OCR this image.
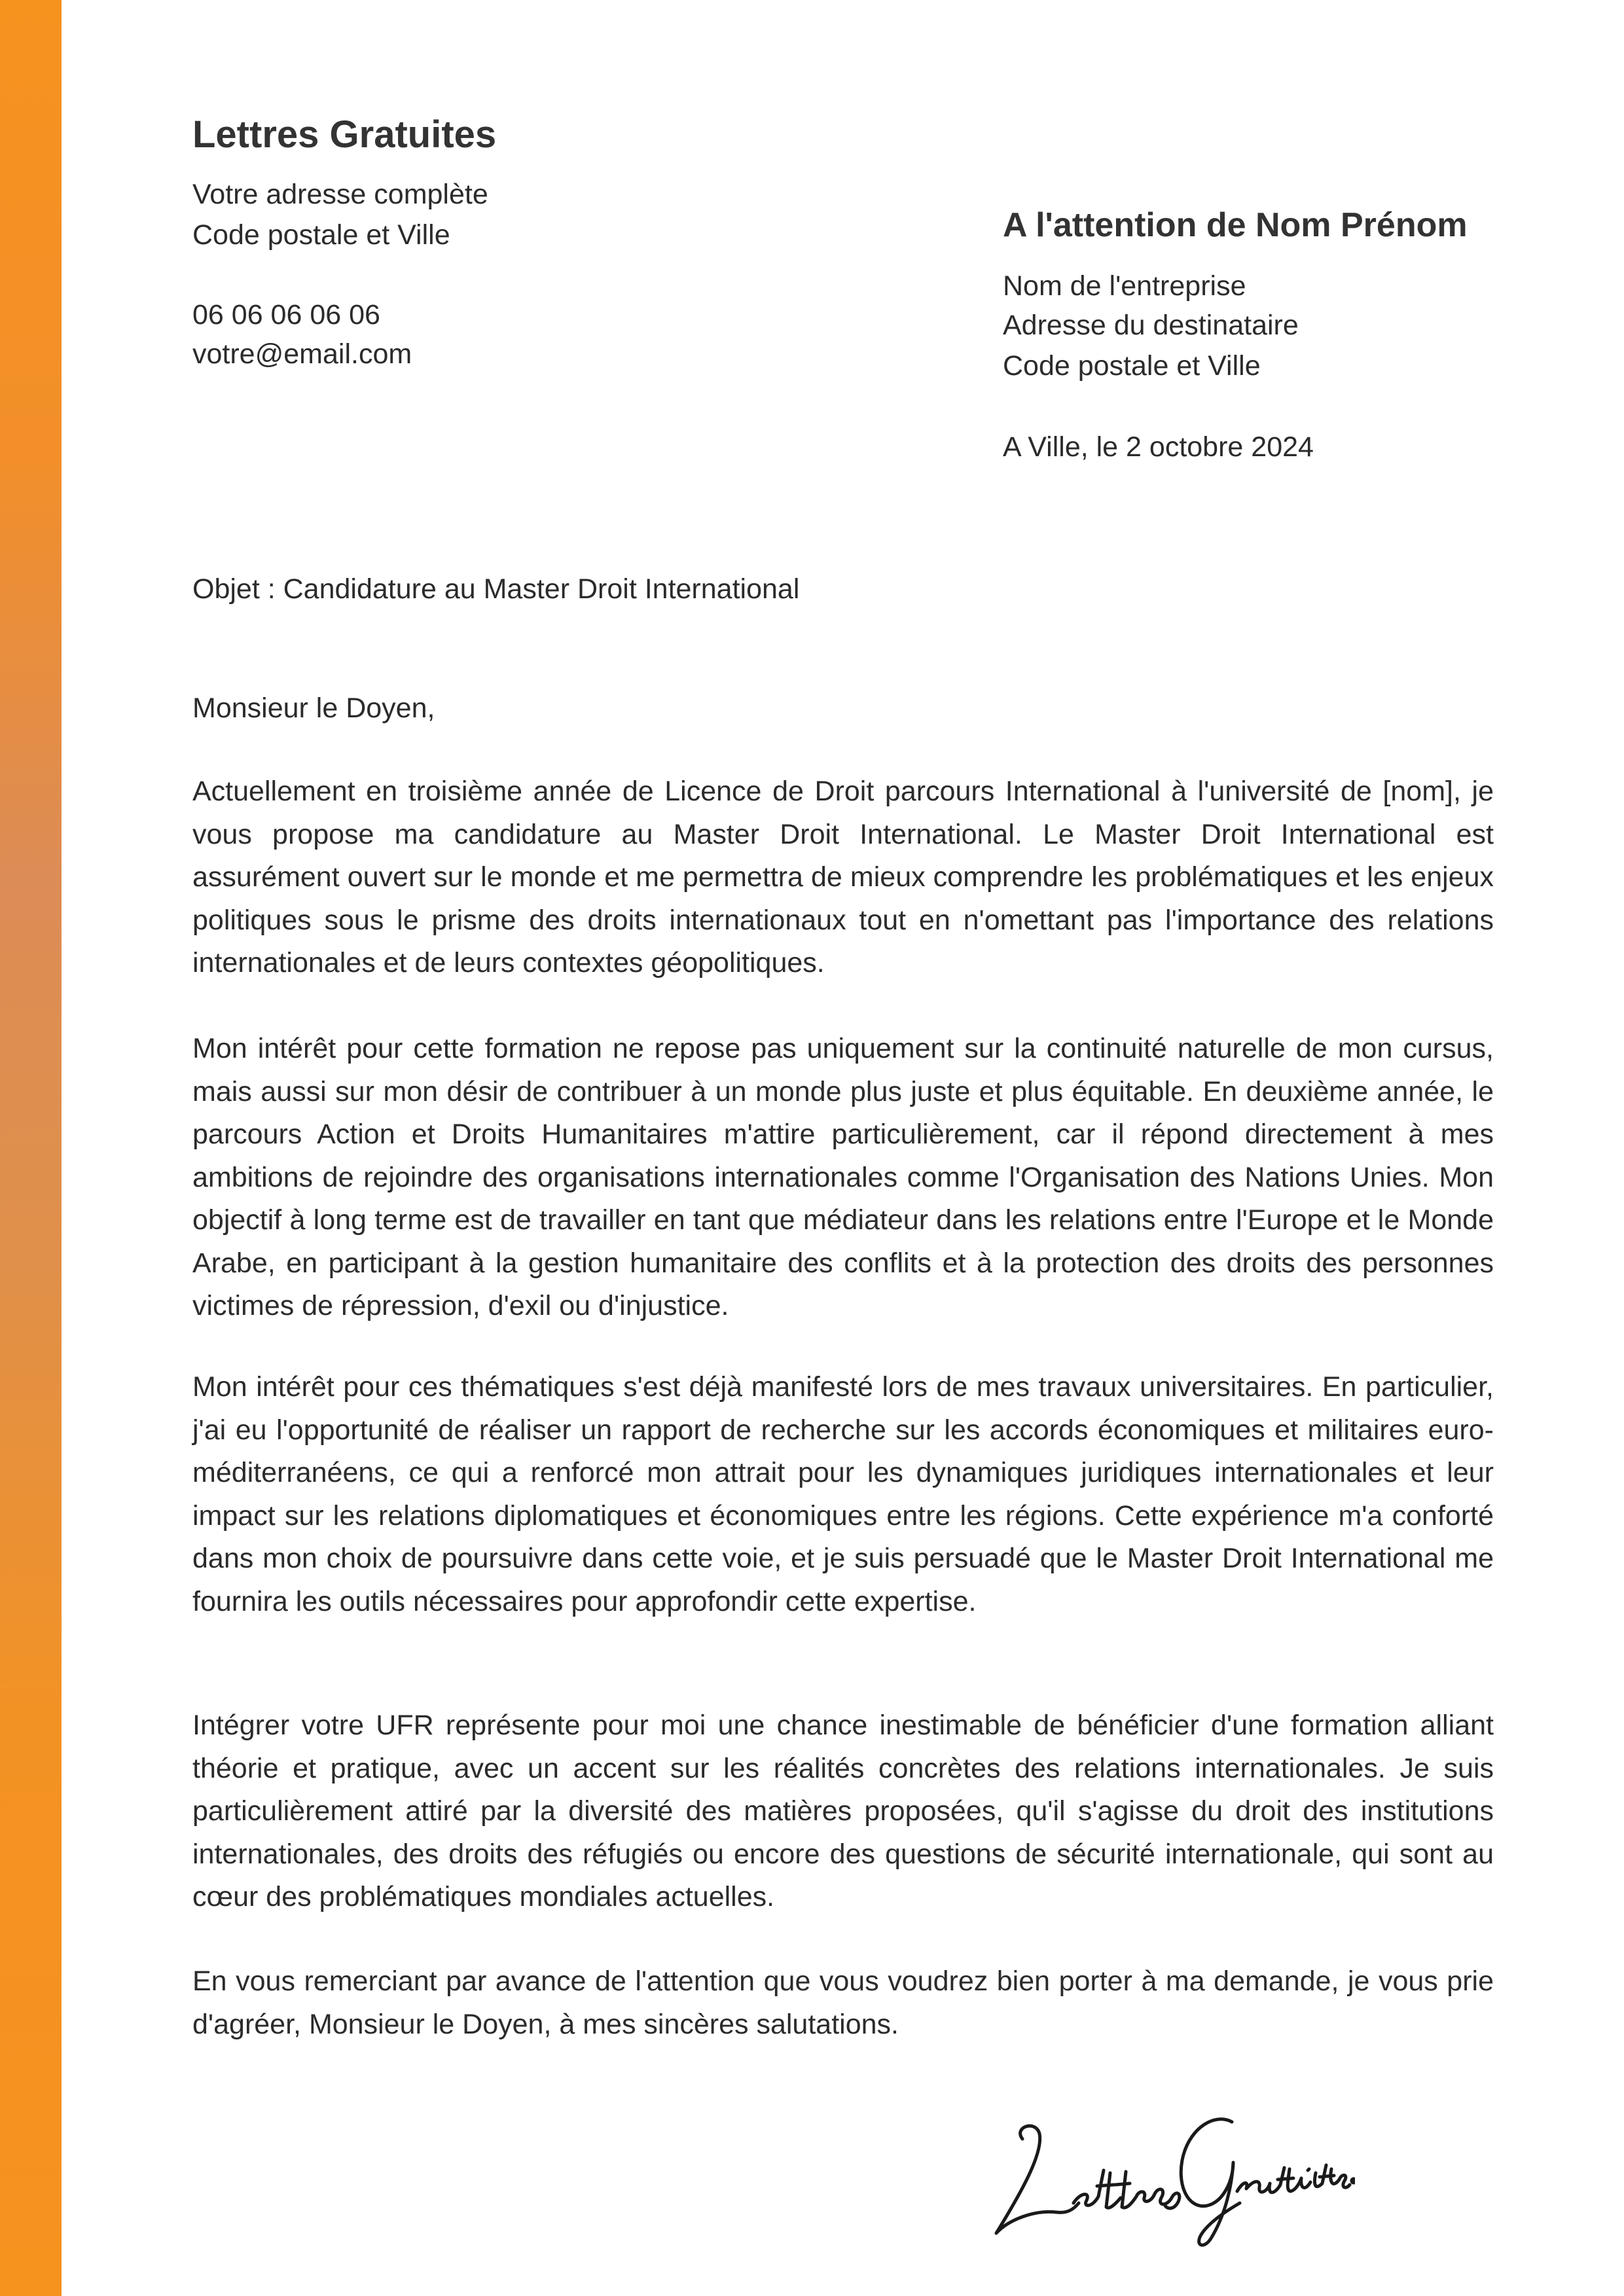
Lettres Gratuites
Votre adresse complète
Code postale et Ville
06 06 06 06 06
votre@email.com
A l'attention de Nom Prénom
Nom de l'entreprise
Adresse du destinataire
Code postale et Ville
A Ville, le 2 octobre 2024
Objet : Candidature au Master Droit International
Monsieur le Doyen,

Actuellement en troisième année de Licence de Droit parcours International à l'université de [nom], je vous propose ma candidature au Master Droit International. Le Master Droit International est assurément ouvert sur le monde et me permettra de mieux comprendre les problématiques et les enjeux politiques sous le prisme des droits internationaux tout en n'omettant pas l'importance des relations internationales et de leurs contextes géopolitiques.

Mon intérêt pour cette formation ne repose pas uniquement sur la continuité naturelle de mon cursus, mais aussi sur mon désir de contribuer à un monde plus juste et plus équitable. En deuxième année, le parcours Action et Droits Humanitaires m'attire particulièrement, car il répond directement à mes ambitions de rejoindre des organisations internationales comme l'Organisation des Nations Unies. Mon objectif à long terme est de travailler en tant que médiateur dans les relations entre l'Europe et le Monde Arabe, en participant à la gestion humanitaire des conflits et à la protection des droits des personnes victimes de répression, d'exil ou d'injustice.

Mon intérêt pour ces thématiques s'est déjà manifesté lors de mes travaux universitaires. En particulier, j'ai eu l'opportunité de réaliser un rapport de recherche sur les accords économiques et militaires euro-méditerranéens, ce qui a renforcé mon attrait pour les dynamiques juridiques internationales et leur impact sur les relations diplomatiques et économiques entre les régions. Cette expérience m'a conforté dans mon choix de poursuivre dans cette voie, et je suis persuadé que le Master Droit International me fournira les outils nécessaires pour approfondir cette expertise.

Intégrer votre UFR représente pour moi une chance inestimable de bénéficier d'une formation alliant théorie et pratique, avec un accent sur les réalités concrètes des relations internationales. Je suis particulièrement attiré par la diversité des matières proposées, qu'il s'agisse du droit des institutions internationales, des droits des réfugiés ou encore des questions de sécurité internationale, qui sont au cœur des problématiques mondiales actuelles.

En vous remerciant par avance de l'attention que vous voudrez bien porter à ma demande, je vous prie d'agréer, Monsieur le Doyen, à mes sincères salutations.
